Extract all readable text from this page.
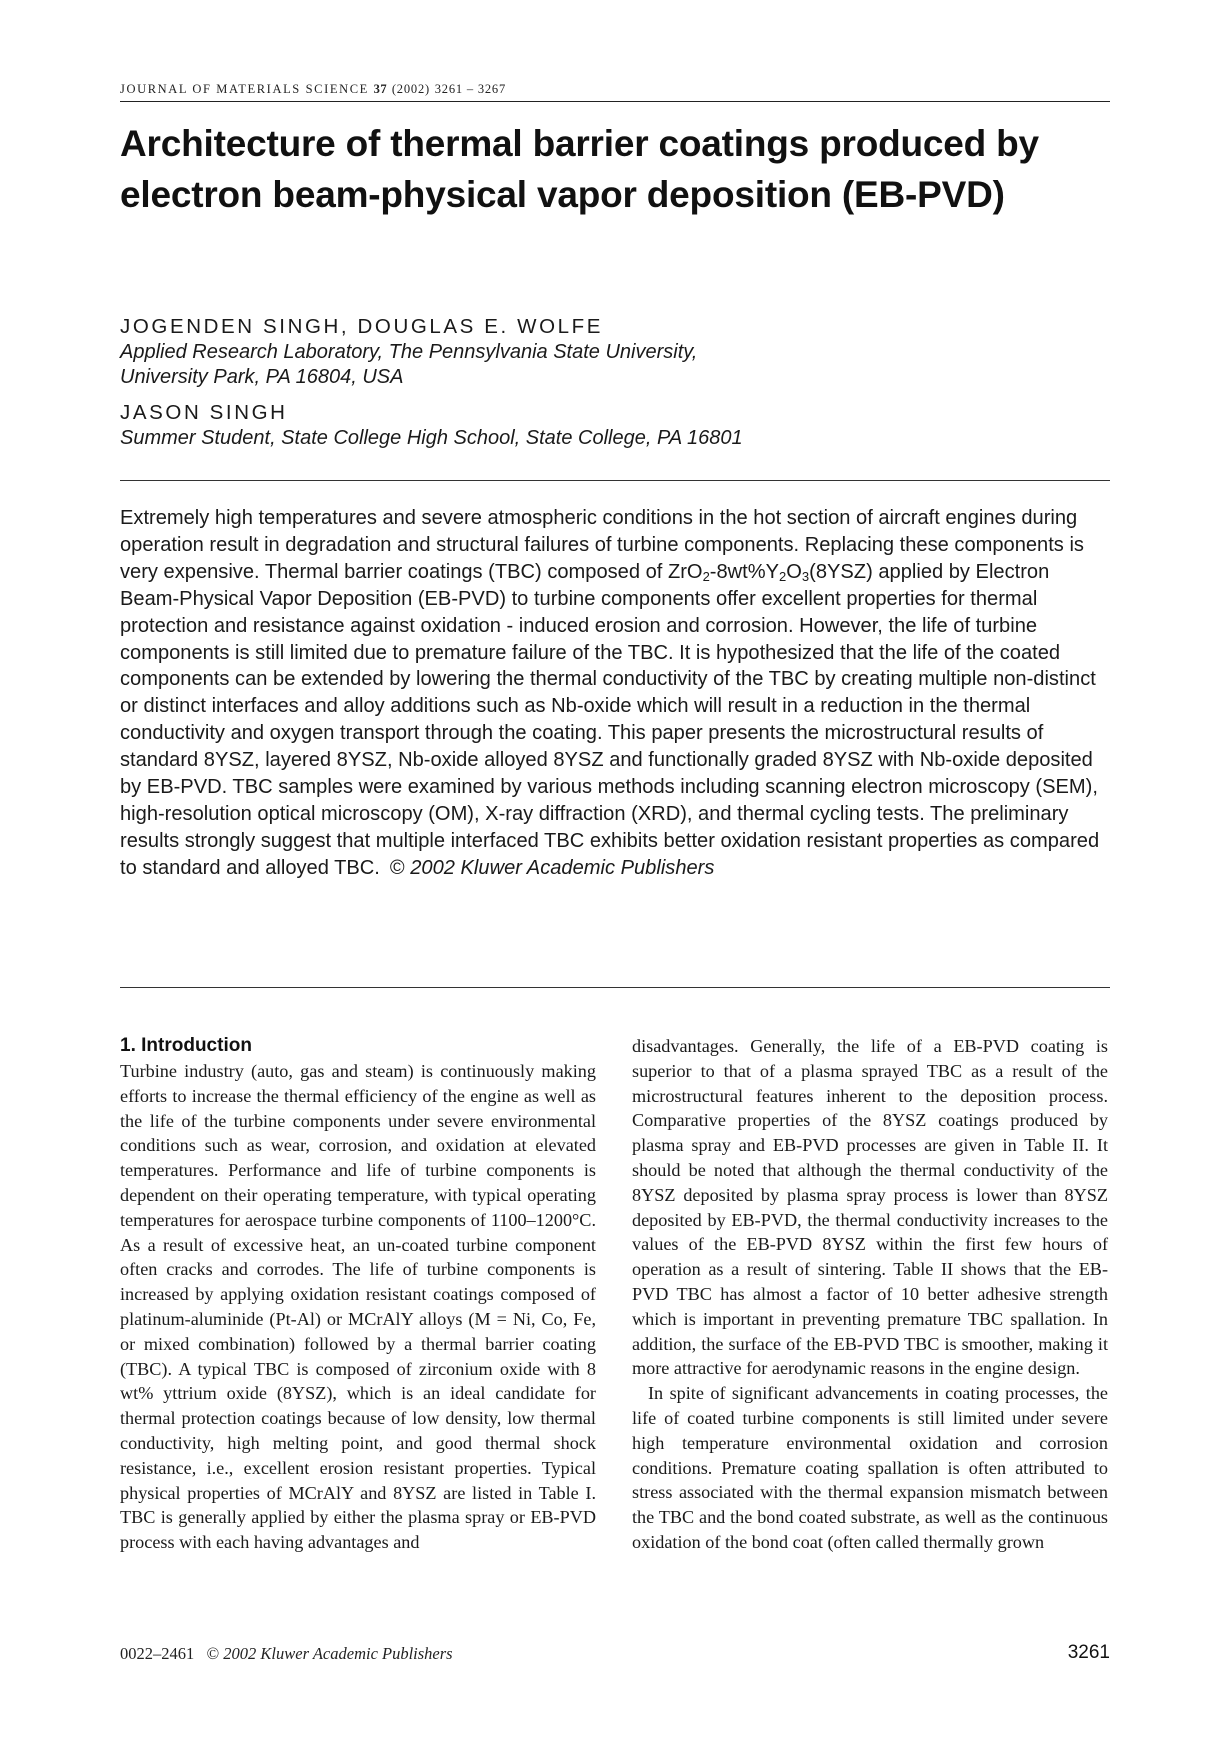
JOURNAL OF MATERIALS SCIENCE 37 (2002) 3261 – 3267
Architecture of thermal barrier coatings produced by electron beam-physical vapor deposition (EB-PVD)
JOGENDEN SINGH, DOUGLAS E. WOLFE
Applied Research Laboratory, The Pennsylvania State University,
University Park, PA 16804, USA
JASON SINGH
Summer Student, State College High School, State College, PA 16801

Extremely high temperatures and severe atmospheric conditions in the hot section of aircraft engines during operation result in degradation and structural failures of turbine components. Replacing these components is very expensive. Thermal barrier coatings (TBC) composed of $ZrO_2-8wt\%Y_2O_3(8YSZ)$ applied by Electron Beam-Physical Vapor Deposition (EB-PVD) to turbine components offer excellent properties for thermal protection and resistance against oxidation - induced erosion and corrosion. However, the life of turbine components is still limited due to premature failure of the TBC. It is hypothesized that the life of the coated components can be extended by lowering the thermal conductivity of the TBC by creating multiple non-distinct or distinct interfaces and alloy additions such as Nb-oxide which will result in a reduction in the thermal conductivity and oxygen transport through the coating. This paper presents the microstructural results of standard 8YSZ, layered 8YSZ, Nb-oxide alloyed 8YSZ and functionally graded 8YSZ with Nb-oxide deposited by EB-PVD. TBC samples were examined by various methods including scanning electron microscopy (SEM), high-resolution optical microscopy (OM), X-ray diffraction (XRD), and thermal cycling tests. The preliminary results strongly suggest that multiple interfaced TBC exhibits better oxidation resistant properties as compared to standard and alloyed TBC. © 2002 Kluwer Academic Publishers

1. Introduction

Turbine industry (auto, gas and steam) is continuously making efforts to increase the thermal efficiency of the engine as well as the life of the turbine components under severe environmental conditions such as wear, corrosion, and oxidation at elevated temperatures. Performance and life of turbine components is dependent on their operating temperature, with typical operating temperatures for aerospace turbine components of 1100–1200°C. As a result of excessive heat, an un-coated turbine component often cracks and corrodes. The life of turbine components is increased by applying oxidation resistant coatings composed of platinum-aluminide (Pt-Al) or MCrAlY alloys (M = Ni, Co, Fe, or mixed combination) followed by a thermal barrier coating (TBC). A typical TBC is composed of zirconium oxide with 8 wt% yttrium oxide (8YSZ), which is an ideal candidate for thermal protection coatings because of low density, low thermal conductivity, high melting point, and good thermal shock resistance, i.e., excellent erosion resistant properties. Typical physical properties of MCrAlY and 8YSZ are listed in Table I. TBC is generally applied by either the plasma spray or EB-PVD process with each having advantages and

disadvantages. Generally, the life of a EB-PVD coating is superior to that of a plasma sprayed TBC as a result of the microstructural features inherent to the deposition process. Comparative properties of the 8YSZ coatings produced by plasma spray and EB-PVD processes are given in Table II. It should be noted that although the thermal conductivity of the 8YSZ deposited by plasma spray process is lower than 8YSZ deposited by EB-PVD, the thermal conductivity increases to the values of the EB-PVD 8YSZ within the first few hours of operation as a result of sintering. Table II shows that the EB-PVD TBC has almost a factor of 10 better adhesive strength which is important in preventing premature TBC spallation. In addition, the surface of the EB-PVD TBC is smoother, making it more attractive for aerodynamic reasons in the engine design.

In spite of significant advancements in coating processes, the life of coated turbine components is still limited under severe high temperature environmental oxidation and corrosion conditions. Premature coating spallation is often attributed to stress associated with the thermal expansion mismatch between the TBC and the bond coated substrate, as well as the continuous oxidation of the bond coat (often called thermally grown

0022–2461 © 2002 Kluwer Academic Publishers	3261
